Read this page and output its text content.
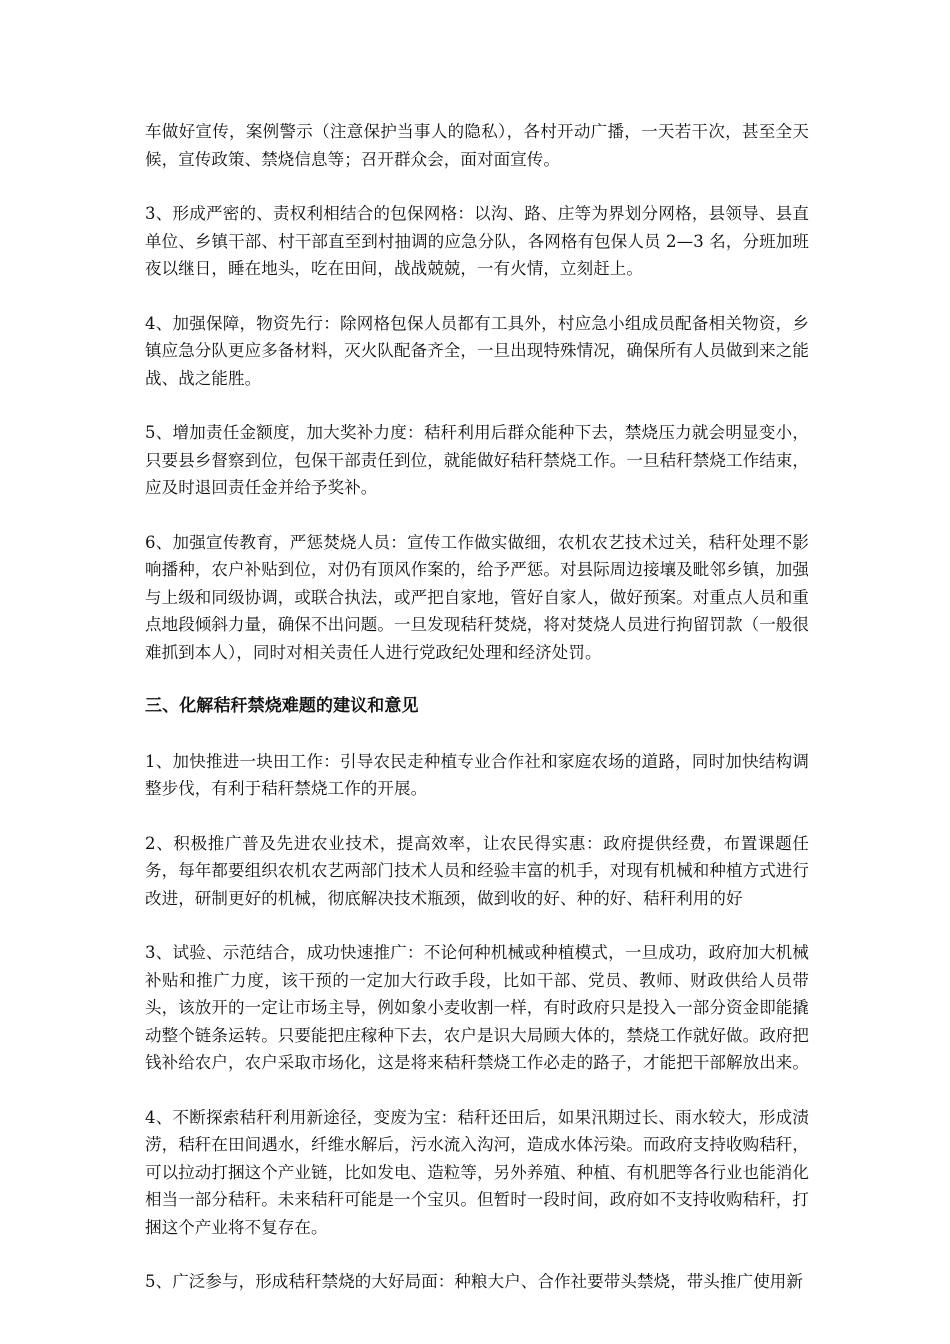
车做好宣传，案例警示（注意保护当事人的隐私），各村开动广播，一天若干次，甚至全天候，宣传政策、禁烧信息等；召开群众会，面对面宣传。

3、形成严密的、责权利相结合的包保网格：以沟、路、庄等为界划分网格，县领导、县直单位、乡镇干部、村干部直至到村抽调的应急分队，各网格有包保人员 2—3 名，分班加班夜以继日，睡在地头，吃在田间，战战兢兢，一有火情，立刻赶上。

4、加强保障，物资先行：除网格包保人员都有工具外，村应急小组成员配备相关物资，乡镇应急分队更应多备材料，灭火队配备齐全，一旦出现特殊情况，确保所有人员做到来之能战、战之能胜。

5、增加责任金额度，加大奖补力度：秸秆利用后群众能种下去，禁烧压力就会明显变小，只要县乡督察到位，包保干部责任到位，就能做好秸秆禁烧工作。一旦秸秆禁烧工作结束，应及时退回责任金并给予奖补。

6、加强宣传教育，严惩焚烧人员：宣传工作做实做细，农机农艺技术过关，秸秆处理不影响播种，农户补贴到位，对仍有顶风作案的，给予严惩。对县际周边接壤及毗邻乡镇，加强与上级和同级协调，或联合执法，或严把自家地，管好自家人，做好预案。对重点人员和重点地段倾斜力量，确保不出问题。一旦发现秸秆焚烧，将对焚烧人员进行拘留罚款（一般很难抓到本人），同时对相关责任人进行党政纪处理和经济处罚。

三、化解秸秆禁烧难题的建议和意见

1、加快推进一块田工作：引导农民走种植专业合作社和家庭农场的道路，同时加快结构调整步伐，有利于秸秆禁烧工作的开展。

2、积极推广普及先进农业技术，提高效率，让农民得实惠：政府提供经费，布置课题任务，每年都要组织农机农艺两部门技术人员和经验丰富的机手，对现有机械和种植方式进行改进，研制更好的机械，彻底解决技术瓶颈，做到收的好、种的好、秸秆利用的好

3、试验、示范结合，成功快速推广：不论何种机械或种植模式，一旦成功，政府加大机械补贴和推广力度，该干预的一定加大行政手段，比如干部、党员、教师、财政供给人员带头，该放开的一定让市场主导，例如象小麦收割一样，有时政府只是投入一部分资金即能撬动整个链条运转。只要能把庄稼种下去，农户是识大局顾大体的，禁烧工作就好做。政府把钱补给农户，农户采取市场化，这是将来秸秆禁烧工作必走的路子，才能把干部解放出来。

4、不断探索秸秆利用新途径，变废为宝：秸秆还田后，如果汛期过长、雨水较大，形成渍涝，秸秆在田间遇水，纤维水解后，污水流入沟河，造成水体污染。而政府支持收购秸秆，可以拉动打捆这个产业链，比如发电、造粒等，另外养殖、种植、有机肥等各行业也能消化相当一部分秸秆。未来秸秆可能是一个宝贝。但暂时一段时间，政府如不支持收购秸秆，打捆这个产业将不复存在。

5、广泛参与，形成秸秆禁烧的大好局面：种粮大户、合作社要带头禁烧，带头推广使用新
